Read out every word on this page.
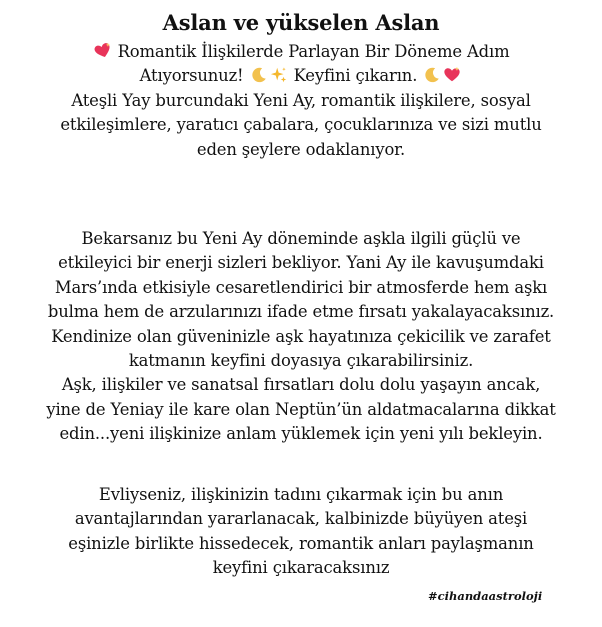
Aslan ve yükselen Aslan
Romantik İlişkilerde Parlayan Bir Döneme Adım
Atıyorsunuz!	Keyfini çıkarın.
Ateşli Yay burcundaki Yeni Ay, romantik ilişkilere, sosyal
etkileşimlere, yaratıcı çabalara, çocuklarınıza ve sizi mutlu
eden şeylere odaklanıyor.
Bekarsanız bu Yeni Ay döneminde aşkla ilgili güçlü ve
etkileyici bir enerji sizleri bekliyor. Yani Ay ile kavuşumdaki
Mars’ında etkisiyle cesaretlendirici bir atmosferde hem aşkı
bulma hem de arzularınızı ifade etme fırsatı yakalayacaksınız.
Kendinize olan güveninizle aşk hayatınıza çekicilik ve zarafet
katmanın keyfini doyasıya çıkarabilirsiniz.
Aşk, ilişkiler ve sanatsal fırsatları dolu dolu yaşayın ancak,
yine de Yeniay ile kare olan Neptün’ün aldatmacalarına dikkat
edin...yeni ilişkinize anlam yüklemek için yeni yılı bekleyin.
Evliyseniz, ilişkinizin tadını çıkarmak için bu anın
avantajlarından yararlanacak, kalbinizde büyüyen ateşi
eşinizle birlikte hissedecek, romantik anları paylaşmanın
keyfini çıkaracaksınız
#cihandaastroloji
